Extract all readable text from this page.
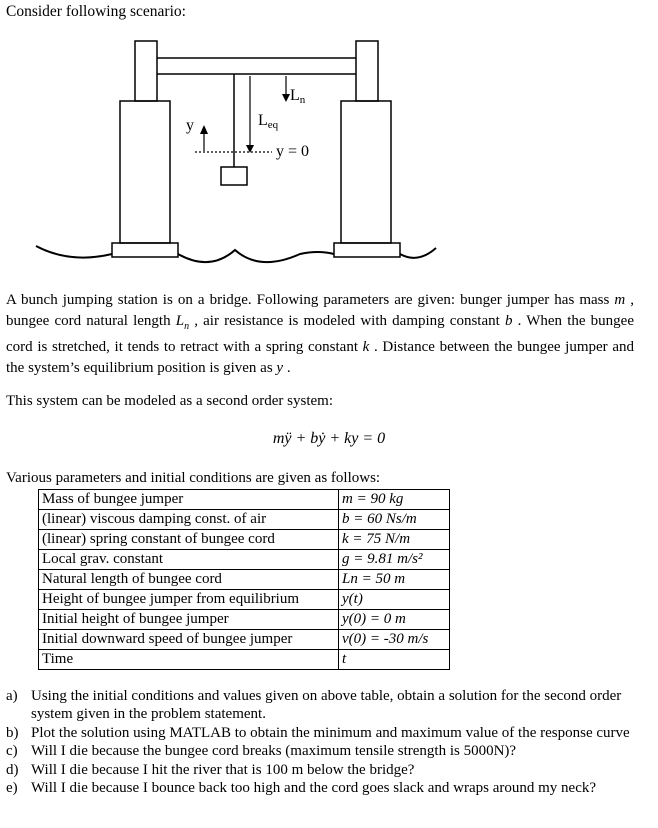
Consider following scenario:
Ln
Leq
y
y = 0
A bunch jumping station is on a bridge. Following parameters are given: bunger jumper has mass m , bungee cord natural length $L_n$ , air resistance is modeled with damping constant b . When the bungee cord is stretched, it tends to retract with a spring constant k . Distance between the bungee jumper and the system’s equilibrium position is given as y .
This system can be modeled as a second order system:
mÿ + bẏ + ky = 0
Various parameters and initial conditions are given as follows:
Mass of bungee jumper	m = 90 kg
(linear) viscous damping const. of air	b = 60 Ns/m
(linear) spring constant of bungee cord	k = 75 N/m
Local grav. constant	g = 9.81 m/s²
Natural length of bungee cord	Ln = 50 m
Height of bungee jumper from equilibrium	y(t)
Initial height of bungee jumper	y(0) = 0 m
Initial downward speed of bungee jumper	v(0) = -30 m/s
Time	t
a) Using the initial conditions and values given on above table, obtain a solution for the second order system given in the problem statement.
b) Plot the solution using MATLAB to obtain the minimum and maximum value of the response curve
c) Will I die because the bungee cord breaks (maximum tensile strength is 5000N)?
d) Will I die because I hit the river that is 100 m below the bridge?
e) Will I die because I bounce back too high and the cord goes slack and wraps around my neck?
